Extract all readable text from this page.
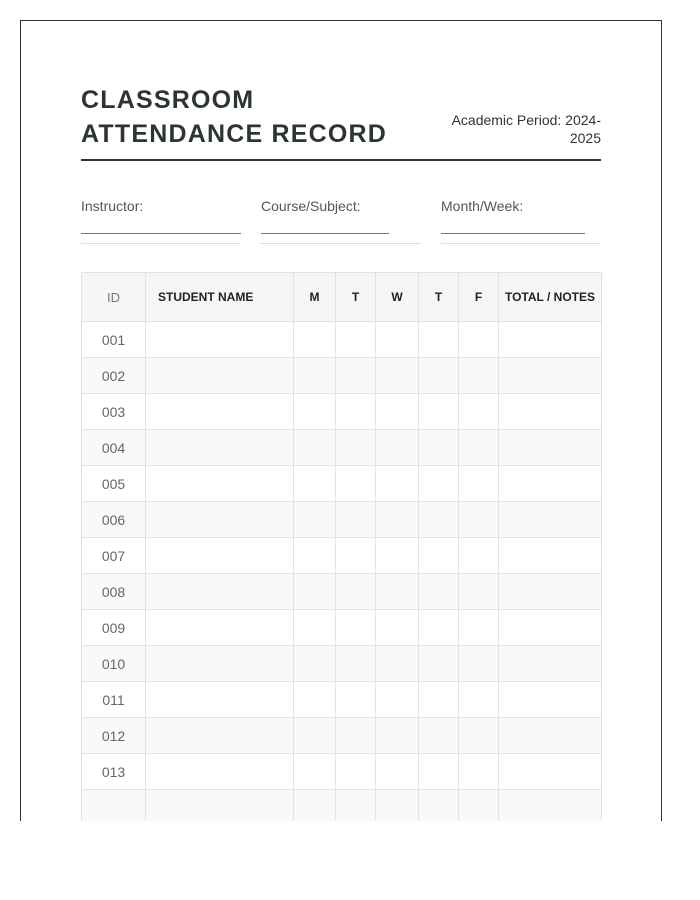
CLASSROOM ATTENDANCE RECORD	Academic Period: 2024-2025
Instructor:	Course/Subject:	Month/Week:
ID	STUDENT NAME	M	T	W	T	F	TOTAL / NOTES
001							
002							
003							
004							
005							
006							
007							
008							
009							
010							
011							
012							
013							
